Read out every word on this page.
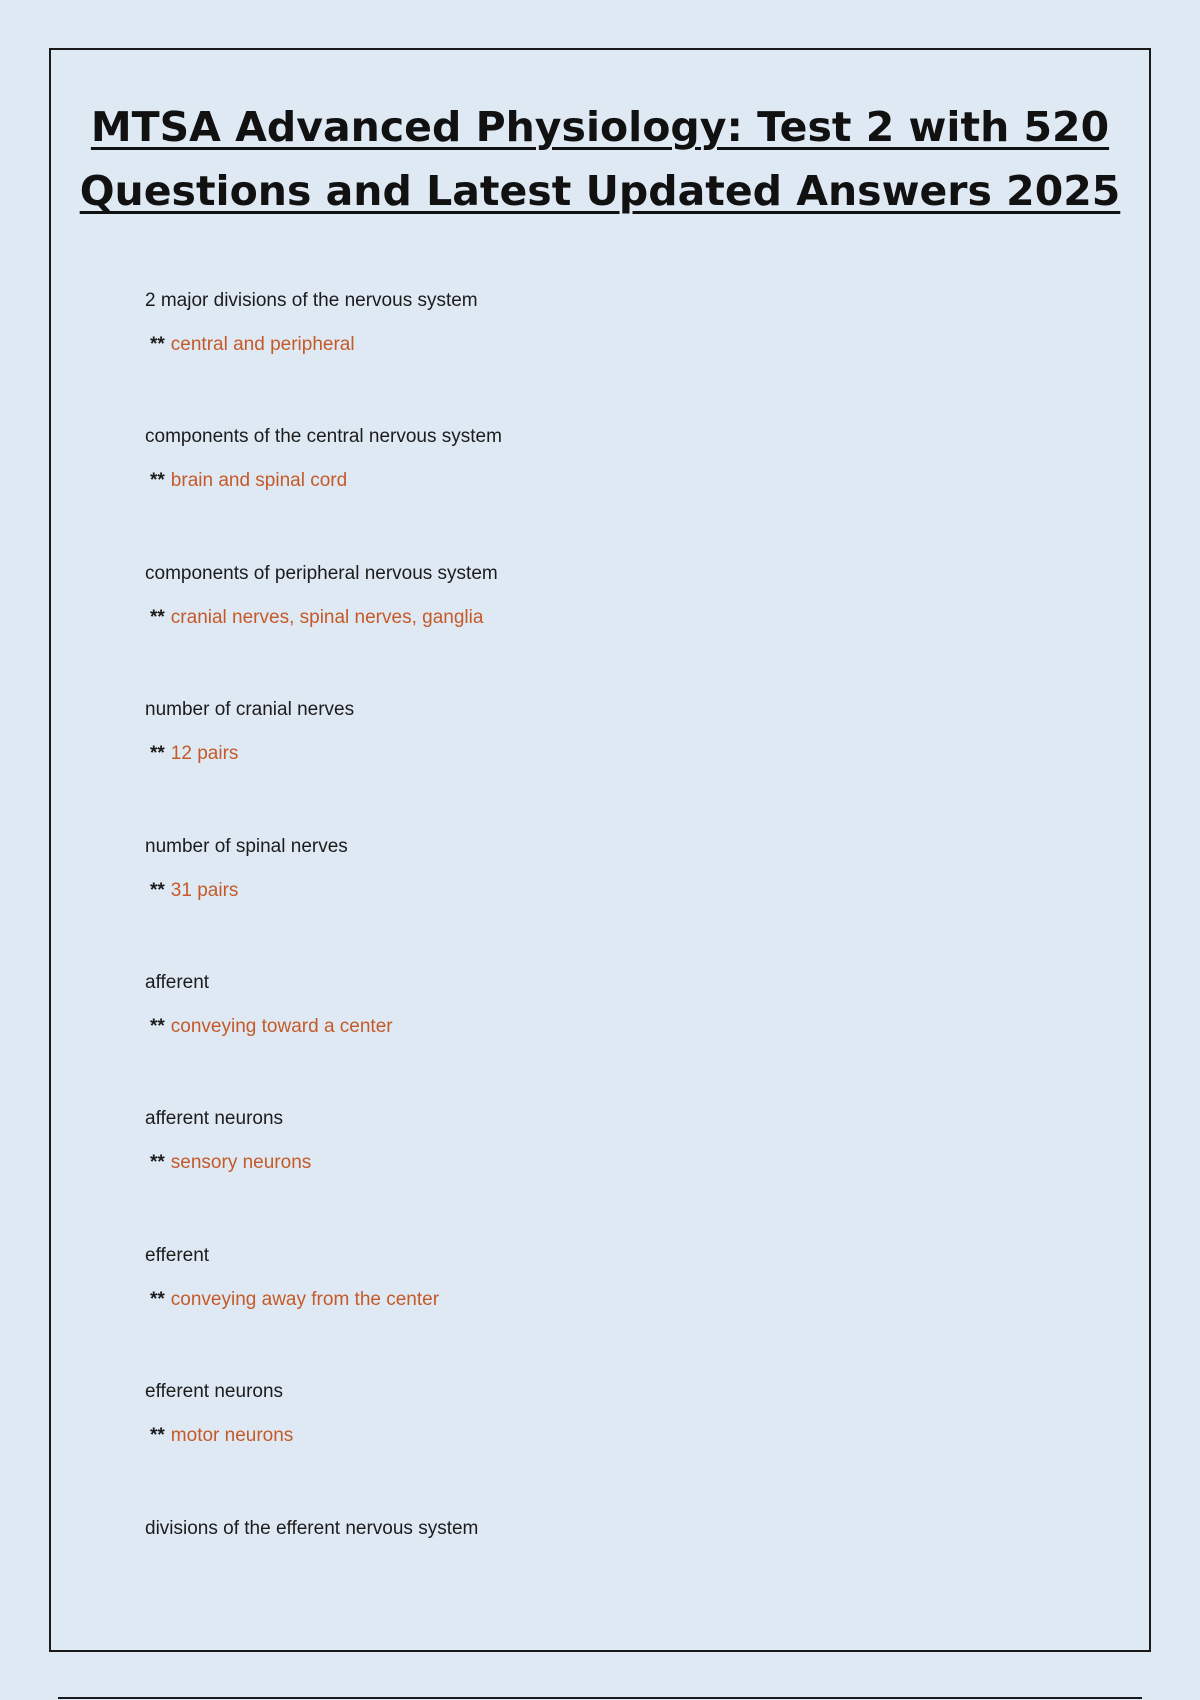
MTSA Advanced Physiology: Test 2 with 520
Questions and Latest Updated Answers 2025
2 major divisions of the nervous system
** central and peripheral
components of the central nervous system
** brain and spinal cord
components of peripheral nervous system
** cranial nerves, spinal nerves, ganglia
number of cranial nerves
** 12 pairs
number of spinal nerves
** 31 pairs
afferent
** conveying toward a center
afferent neurons
** sensory neurons
efferent
** conveying away from the center
efferent neurons
** motor neurons
divisions of the efferent nervous system
